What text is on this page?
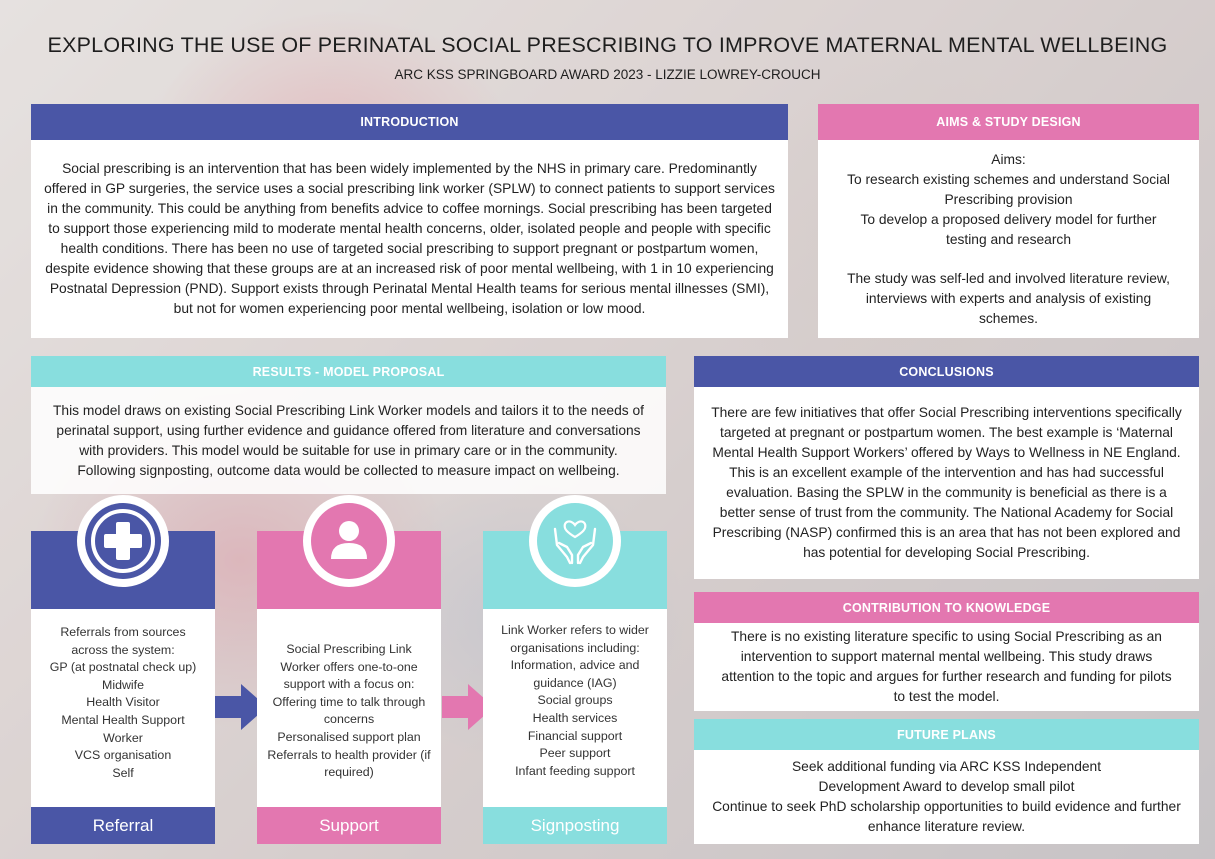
EXPLORING THE USE OF PERINATAL SOCIAL PRESCRIBING TO IMPROVE MATERNAL MENTAL WELLBEING
ARC KSS SPRINGBOARD AWARD 2023 - LIZZIE LOWREY-CROUCH
INTRODUCTION

Social prescribing is an intervention that has been widely implemented by the NHS in primary care. Predominantly offered in GP surgeries, the service uses a social prescribing link worker (SPLW) to connect patients to support services in the community. This could be anything from benefits advice to coffee mornings. Social prescribing has been targeted to support those experiencing mild to moderate mental health concerns, older, isolated people and people with specific health conditions. There has been no use of targeted social prescribing to support pregnant or postpartum women, despite evidence showing that these groups are at an increased risk of poor mental wellbeing, with 1 in 10 experiencing Postnatal Depression (PND). Support exists through Perinatal Mental Health teams for serious mental illnesses (SMI), but not for women experiencing poor mental wellbeing, isolation or low mood.

AIMS & STUDY DESIGN

Aims:

To research existing schemes and understand Social Prescribing provision

To develop a proposed delivery model for further testing and research

The study was self-led and involved literature review, interviews with experts and analysis of existing schemes.

RESULTS - MODEL PROPOSAL

This model draws on existing Social Prescribing Link Worker models and tailors it to the needs of perinatal support, using further evidence and guidance offered from literature and conversations with providers. This model would be suitable for use in primary care or in the community. Following signposting, outcome data would be collected to measure impact on wellbeing.

Referrals from sources across the system:
GP (at postnatal check up)
Midwife
Health Visitor
Mental Health Support Worker
VCS organisation
Self
Referral
Social Prescribing Link Worker offers one-to-one support with a focus on:
Offering time to talk through concerns
Personalised support plan
Referrals to health provider (if required)
Support
Link Worker refers to wider organisations including:
Information, advice and guidance (IAG)
Social groups
Health services
Financial support
Peer support
Infant feeding support
Signposting
CONCLUSIONS

There are few initiatives that offer Social Prescribing interventions specifically targeted at pregnant or postpartum women. The best example is ‘Maternal Mental Health Support Workers’ offered by Ways to Wellness in NE England. This is an excellent example of the intervention and has had successful evaluation. Basing the SPLW in the community is beneficial as there is a better sense of trust from the community. The National Academy for Social Prescribing (NASP) confirmed this is an area that has not been explored and has potential for developing Social Prescribing.

CONTRIBUTION TO KNOWLEDGE

There is no existing literature specific to using Social Prescribing as an intervention to support maternal mental wellbeing. This study draws attention to the topic and argues for further research and funding for pilots to test the model.

FUTURE PLANS

Seek additional funding via ARC KSS Independent Development Award to develop small pilot

Continue to seek PhD scholarship opportunities to build evidence and further enhance literature review.
